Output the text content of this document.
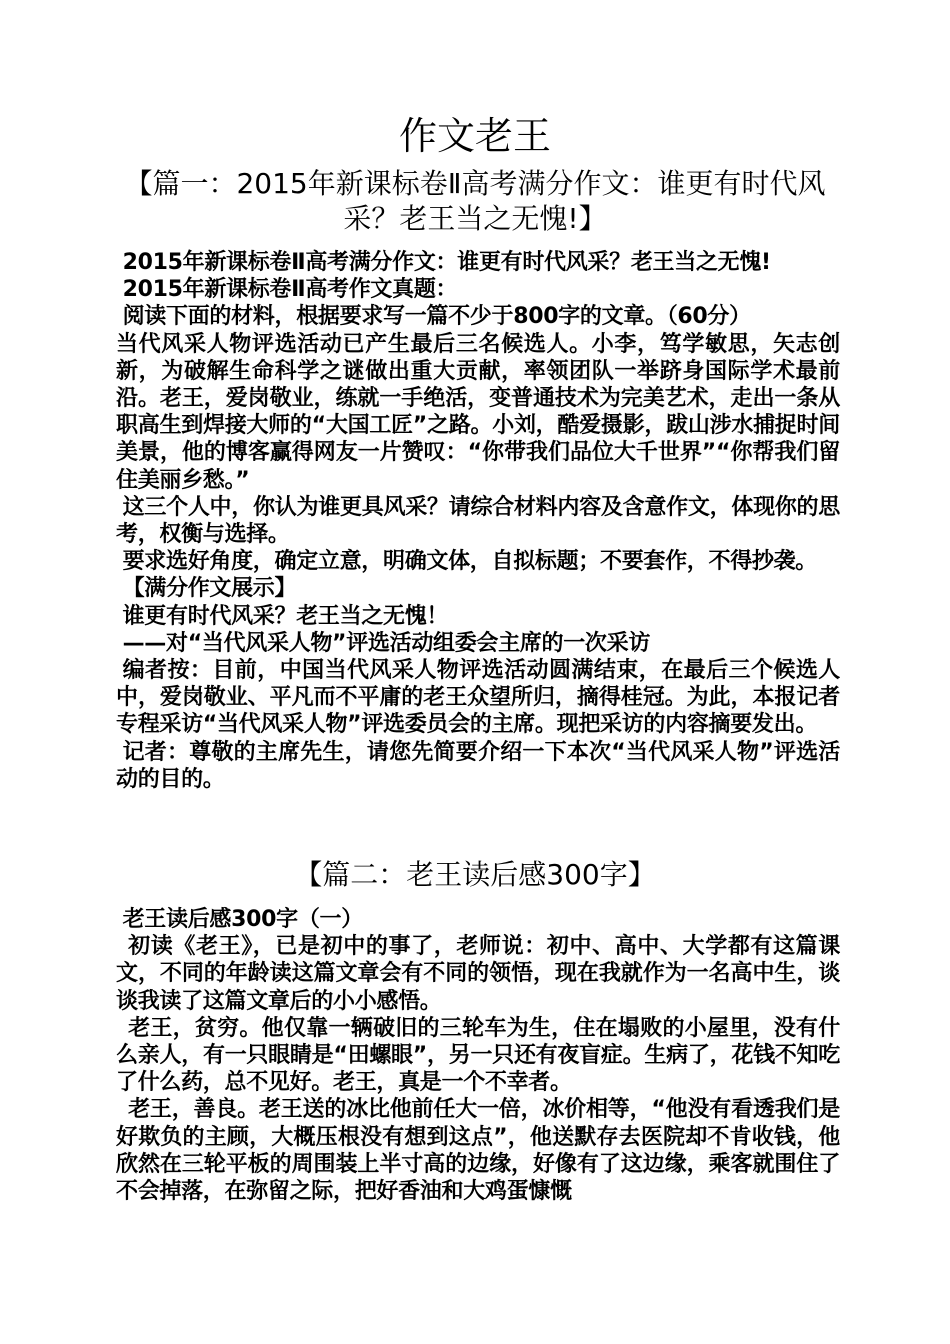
作文老王
【篇一：2015年新课标卷Ⅱ高考满分作文：谁更有时代风采？老王当之无愧!】

2015年新课标卷Ⅱ高考满分作文：谁更有时代风采？老王当之无愧!

2015年新课标卷Ⅱ高考作文真题：

阅读下面的材料，根据要求写一篇不少于800字的文章。（60分）

当代风采人物评选活动已产生最后三名候选人。小李，笃学敏思，矢志创新，为破解生命科学之谜做出重大贡献，率领团队一举跻身国际学术最前沿。老王，爱岗敬业，练就一手绝活，变普通技术为完美艺术，走出一条从职高生到焊接大师的“大国工匠”之路。小刘，酷爱摄影，跋山涉水捕捉时间美景，他的博客赢得网友一片赞叹：“你带我们品位大千世界”“你帮我们留住美丽乡愁。”

这三个人中，你认为谁更具风采？请综合材料内容及含意作文，体现你的思考，权衡与选择。

要求选好角度，确定立意，明确文体，自拟标题；不要套作，不得抄袭。

【满分作文展示】

谁更有时代风采？老王当之无愧！

——对“当代风采人物”评选活动组委会主席的一次采访

编者按：目前，中国当代风采人物评选活动圆满结束，在最后三个候选人中，爱岗敬业、平凡而不平庸的老王众望所归，摘得桂冠。为此，本报记者专程采访“当代风采人物”评选委员会的主席。现把采访的内容摘要发出。

记者：尊敬的主席先生，请您先简要介绍一下本次“当代风采人物”评选活动的目的。

【篇二：老王读后感300字】

老王读后感300字（一）

初读《老王》，已是初中的事了，老师说：初中、高中、大学都有这篇课文，不同的年龄读这篇文章会有不同的领悟，现在我就作为一名高中生，谈谈我读了这篇文章后的小小感悟。

老王，贫穷。他仅靠一辆破旧的三轮车为生，住在塌败的小屋里，没有什么亲人，有一只眼睛是“田螺眼”，另一只还有夜盲症。生病了，花钱不知吃了什么药，总不见好。老王，真是一个不幸者。

老王，善良。老王送的冰比他前任大一倍，冰价相等，“他没有看透我们是好欺负的主顾，大概压根没有想到这点”，他送默存去医院却不肯收钱，他欣然在三轮平板的周围装上半寸高的边缘，好像有了这边缘，乘客就围住了不会掉落，在弥留之际，把好香油和大鸡蛋慷慨
